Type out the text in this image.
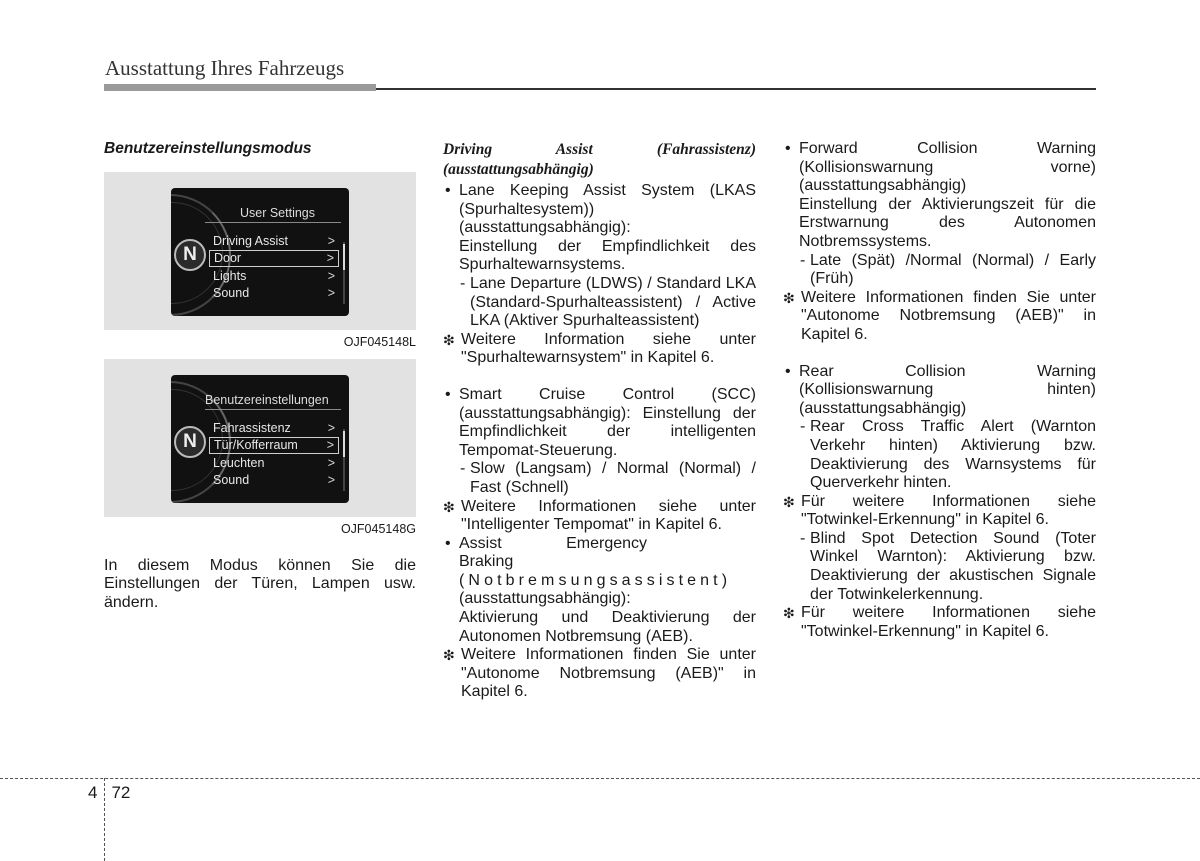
Ausstattung Ihres Fahrzeugs
Benutzereinstellungsmodus
N
User Settings
Driving Assist	>
Door	>
Lights	>
Sound	>
OJF045148L
N
Benutzereinstellungen
Fahrassistenz	>
Tür/Kofferraum >
Leuchten	>
Sound	>
OJF045148G

In diesem Modus können Sie die Einstellungen der Türen, Lampen usw. ändern.

Driving Assist (Fahrassistenz) (ausstattungsabhängig)

• Lane Keeping Assist System (LKAS (Spurhaltesystem)) (ausstattungsabhängig):

Einstellung der Empfindlichkeit des Spurhaltewarnsystems.

- Lane Departure (LDWS) / Standard LKA (Standard-Spurhalteassistent) / Active LKA (Aktiver Spurhalteassistent)

❇ Weitere Information siehe unter "Spurhaltewarnsystem" in Kapitel 6.

• Smart Cruise Control (SCC) (ausstattungsabhängig): Einstellung der Empfindlichkeit der intelligenten Tempomat-Steuerung.

- Slow (Langsam) / Normal (Normal) / Fast (Schnell)

❇ Weitere Informationen siehe unter "Intelligenter Tempomat" in Kapitel 6.

• Assist Emergency Braking
(Notbremsungsassistent)
(ausstattungsabhängig):

Aktivierung und Deaktivierung der Autonomen Notbremsung (AEB).

❇ Weitere Informationen finden Sie unter "Autonome Notbremsung (AEB)" in Kapitel 6.

• Forward Collision Warning (Kollisionswarnung vorne) (ausstattungsabhängig)

Einstellung der Aktivierungszeit für die Erstwarnung des Autonomen Notbremssystems.

- Late (Spät) /Normal (Normal) / Early (Früh)

❇ Weitere Informationen finden Sie unter "Autonome Notbremsung (AEB)" in Kapitel 6.

• Rear Collision Warning (Kollisionswarnung hinten) (ausstattungsabhängig)

- Rear Cross Traffic Alert (Warnton Verkehr hinten) Aktivierung bzw. Deaktivierung des Warnsystems für Querverkehr hinten.

❇ Für weitere Informationen siehe "Totwinkel-Erkennung" in Kapitel 6.

- Blind Spot Detection Sound (Toter Winkel Warnton): Aktivierung bzw. Deaktivierung der akustischen Signale der Totwinkelerkennung.

❇ Für weitere Informationen siehe "Totwinkel-Erkennung" in Kapitel 6.

4 72
